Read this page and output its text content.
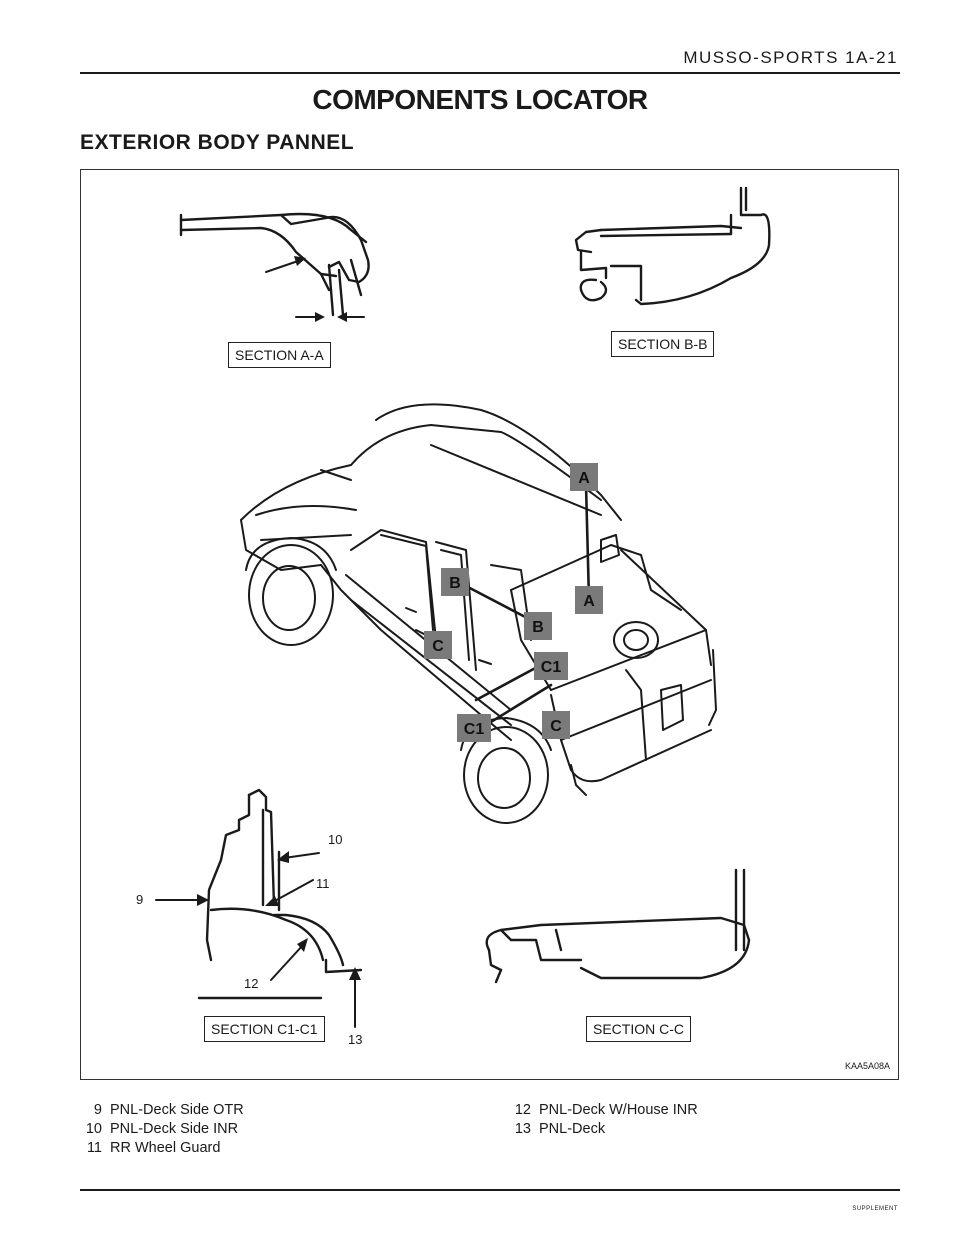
MUSSO-SPORTS 1A-21
COMPONENTS LOCATOR
EXTERIOR BODY PANNEL
A
A
B
B
C
C
C1
C1
SECTION A-A
SECTION B-B
SECTION C1-C1	SECTION C-C
9
10
11
12
13
KAA5A08A
9 PNL-Deck Side OTR
10 PNL-Deck Side INR
11 RR Wheel Guard
12 PNL-Deck W/House INR
13 PNL-Deck
SUPPLEMENT
